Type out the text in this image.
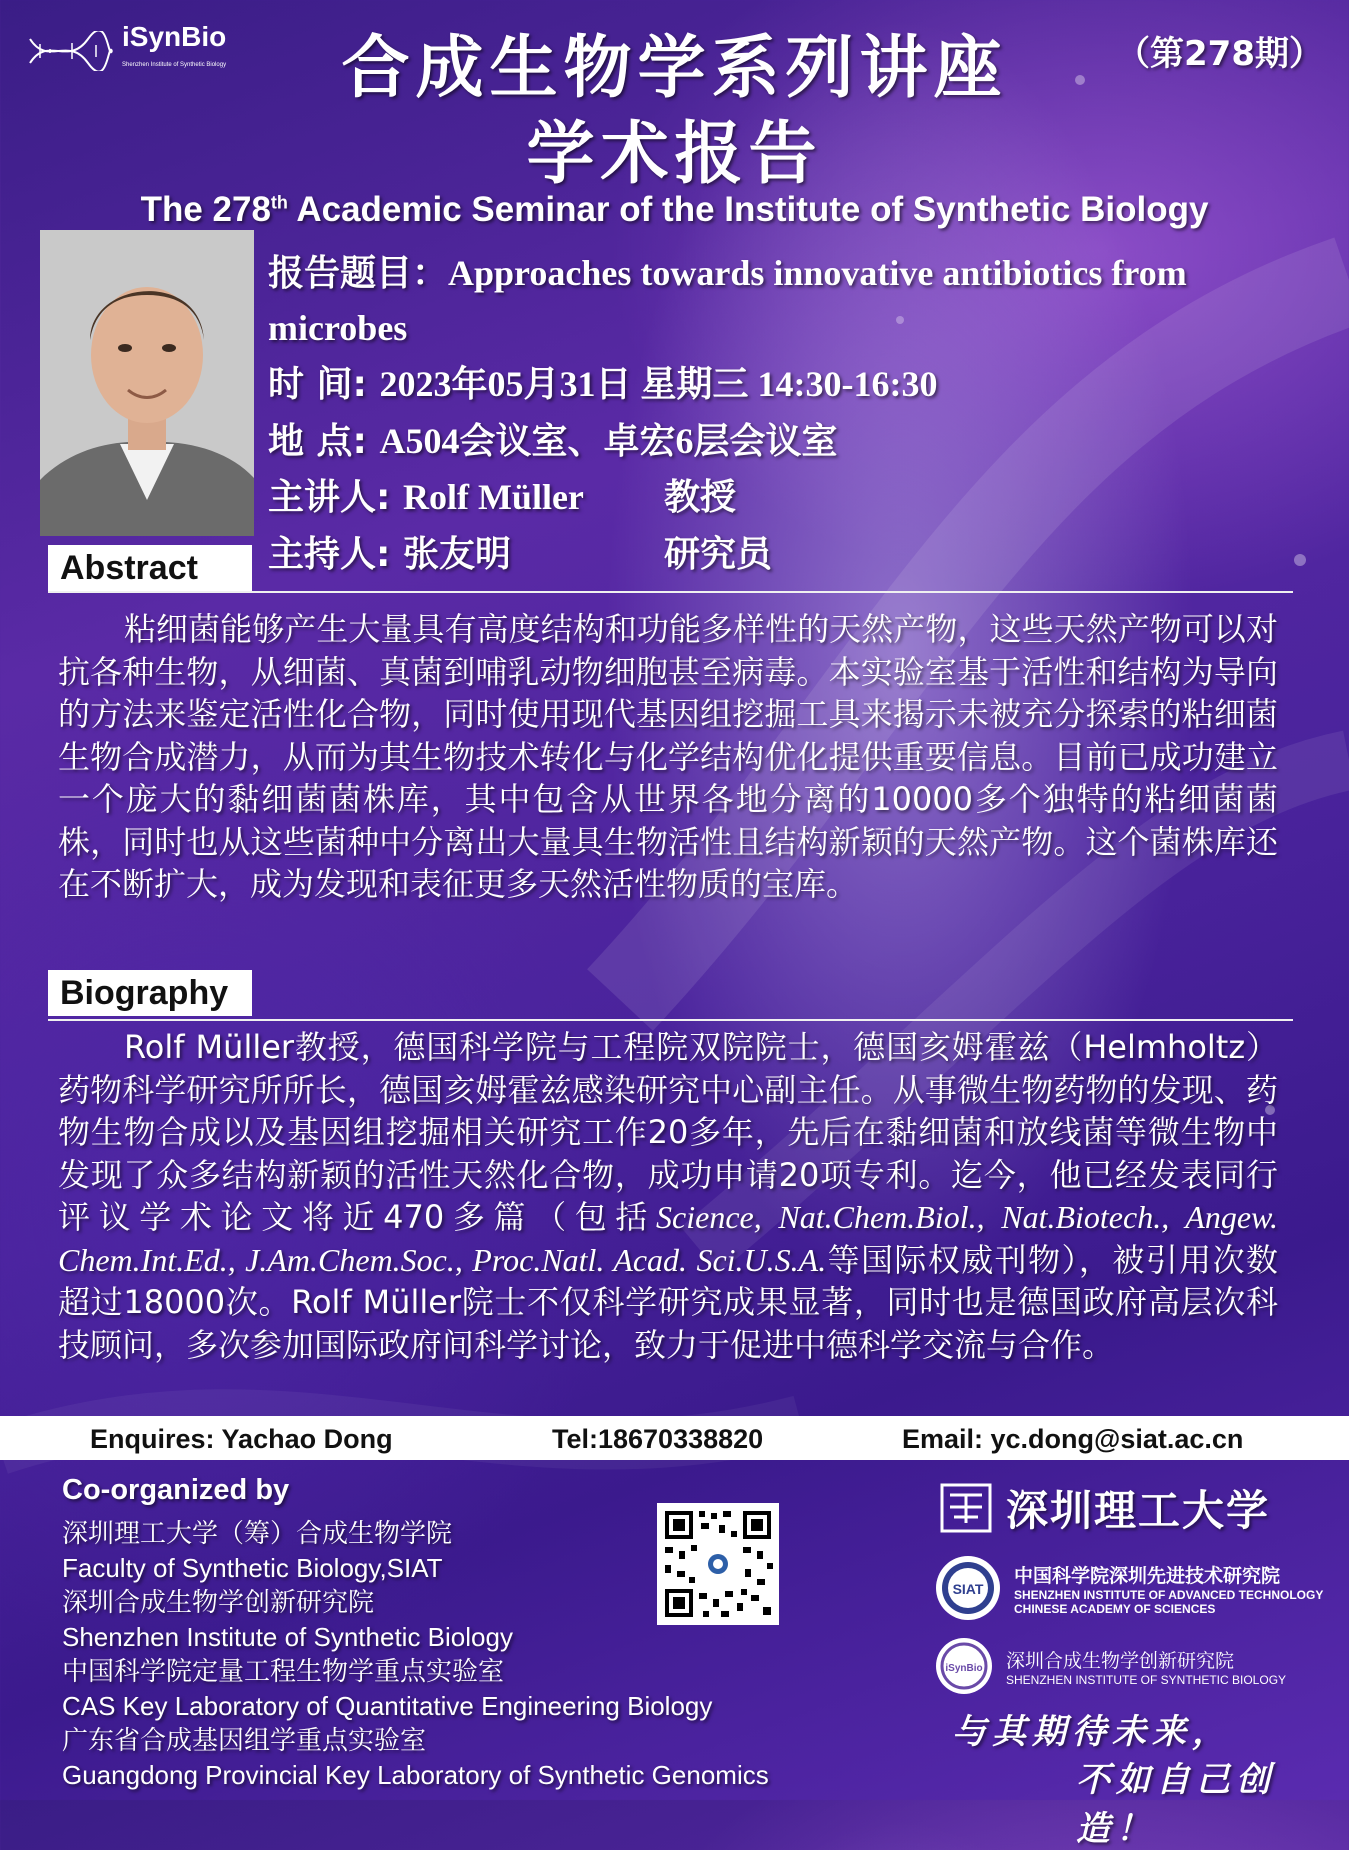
iSynBio
Shenzhen Institute of Synthetic Biology	合成生物学系列讲座	（第278期）
学术报告
The 278th Academic Seminar of the Institute of Synthetic Biology
报告题目：Approaches towards innovative antibiotics from microbes
时 间: 2023年05月31日 星期三 14:30-16:30
地 点: A504会议室、卓宏6层会议室
主讲人: Rolf Müller 教授
主持人: 张友明	研究员
Abstract

粘细菌能够产生大量具有高度结构和功能多样性的天然产物，这些天然产物可以对抗各种生物，从细菌、真菌到哺乳动物细胞甚至病毒。本实验室基于活性和结构为导向的方法来鉴定活性化合物，同时使用现代基因组挖掘工具来揭示未被充分探索的粘细菌生物合成潜力，从而为其生物技术转化与化学结构优化提供重要信息。目前已成功建立一个庞大的黏细菌菌株库，其中包含从世界各地分离的10000多个独特的粘细菌菌株，同时也从这些菌种中分离出大量具生物活性且结构新颖的天然产物。这个菌株库还在不断扩大，成为发现和表征更多天然活性物质的宝库。

Biography

Rolf Müller教授，德国科学院与工程院双院院士，德国亥姆霍兹（Helmholtz）药物科学研究所所长，德国亥姆霍兹感染研究中心副主任。从事微生物药物的发现、药物生物合成以及基因组挖掘相关研究工作20多年，先后在黏细菌和放线菌等微生物中发现了众多结构新颖的活性天然化合物，成功申请20项专利。迄今，他已经发表同行评议学术论文将近470多篇（包括Science, Nat.Chem.Biol., Nat.Biotech., Angew. Chem.Int.Ed., J.Am.Chem.Soc., Proc.Natl. Acad. Sci.U.S.A.等国际权威刊物），被引用次数超过18000次。Rolf Müller院士不仅科学研究成果显著，同时也是德国政府高层次科技顾问，多次参加国际政府间科学讨论，致力于促进中德科学交流与合作。

Enquires: Yachao Dong	Tel:18670338820	Email: yc.dong@siat.ac.cn
Co-organized by
深圳理工大学（筹）合成生物学院
Faculty of Synthetic Biology,SIAT
深圳合成生物学创新研究院
Shenzhen Institute of Synthetic Biology
中国科学院定量工程生物学重点实验室
CAS Key Laboratory of Quantitative Engineering Biology
广东省合成基因组学重点实验室
Guangdong Provincial Key Laboratory of Synthetic Genomics
深圳理工大学
SIAT
中国科学院深圳先进技术研究院
SHENZHEN INSTITUTE OF ADVANCED TECHNOLOGY
CHINESE ACADEMY OF SCIENCES
iSynBio 深圳合成生物学创新研究院
SHENZHEN INSTITUTE OF SYNTHETIC BIOLOGY
与其期待未来，
不如自己创造！
